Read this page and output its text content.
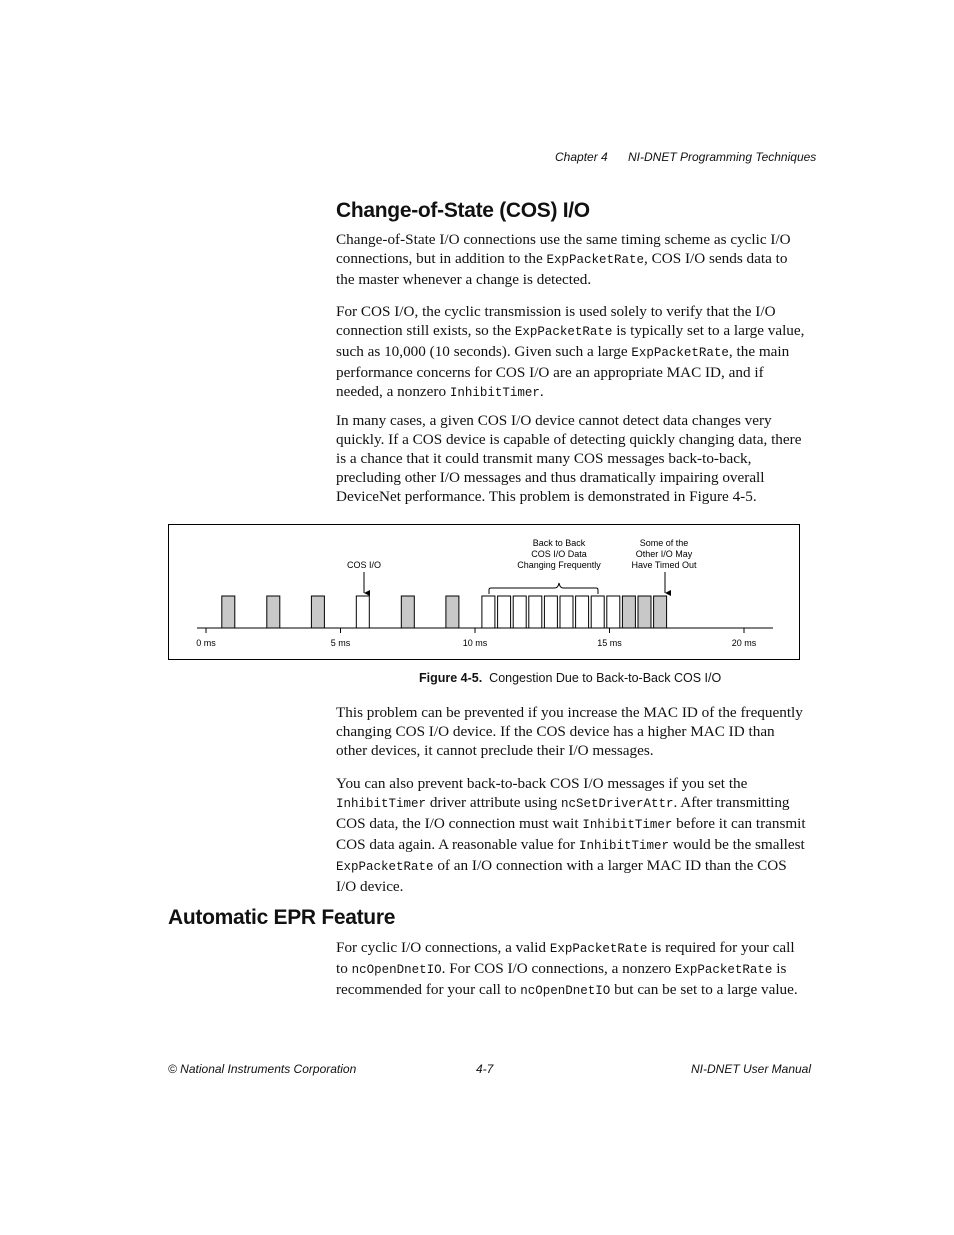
Chapter 4 NI-DNET Programming Techniques
Change-of-State (COS) I/O

Change-of-State I/O connections use the same timing scheme as cyclic I/O connections, but in addition to the ExpPacketRate, COS I/O sends data to the master whenever a change is detected.

For COS I/O, the cyclic transmission is used solely to verify that the I/O connection still exists, so the ExpPacketRate is typically set to a large value, such as 10,000 (10 seconds). Given such a large ExpPacketRate, the main performance concerns for COS I/O are an appropriate MAC ID, and if needed, a nonzero InhibitTimer.

In many cases, a given COS I/O device cannot detect data changes very quickly. If a COS device is capable of detecting quickly changing data, there is a chance that it could transmit many COS messages back-to-back, precluding other I/O messages and thus dramatically impairing overall DeviceNet performance. This problem is demonstrated in Figure 4-5.

0 ms	5 ms	10 ms	15 ms	20 ms
COS I/O
Back to Back
COS I/O Data
Changing Frequently
Some of the
Other I/O May
Have Timed Out
Figure 4-5. Congestion Due to Back-to-Back COS I/O

This problem can be prevented if you increase the MAC ID of the frequently changing COS I/O device. If the COS device has a higher MAC ID than other devices, it cannot preclude their I/O messages.

You can also prevent back-to-back COS I/O messages if you set the InhibitTimer driver attribute using ncSetDriverAttr. After transmitting COS data, the I/O connection must wait InhibitTimer before it can transmit COS data again. A reasonable value for InhibitTimer would be the smallest ExpPacketRate of an I/O connection with a larger MAC ID than the COS I/O device.

Automatic EPR Feature

For cyclic I/O connections, a valid ExpPacketRate is required for your call to ncOpenDnetIO. For COS I/O connections, a nonzero ExpPacketRate is recommended for your call to ncOpenDnetIO but can be set to a large value.

© National Instruments Corporation	4-7	NI-DNET User Manual
